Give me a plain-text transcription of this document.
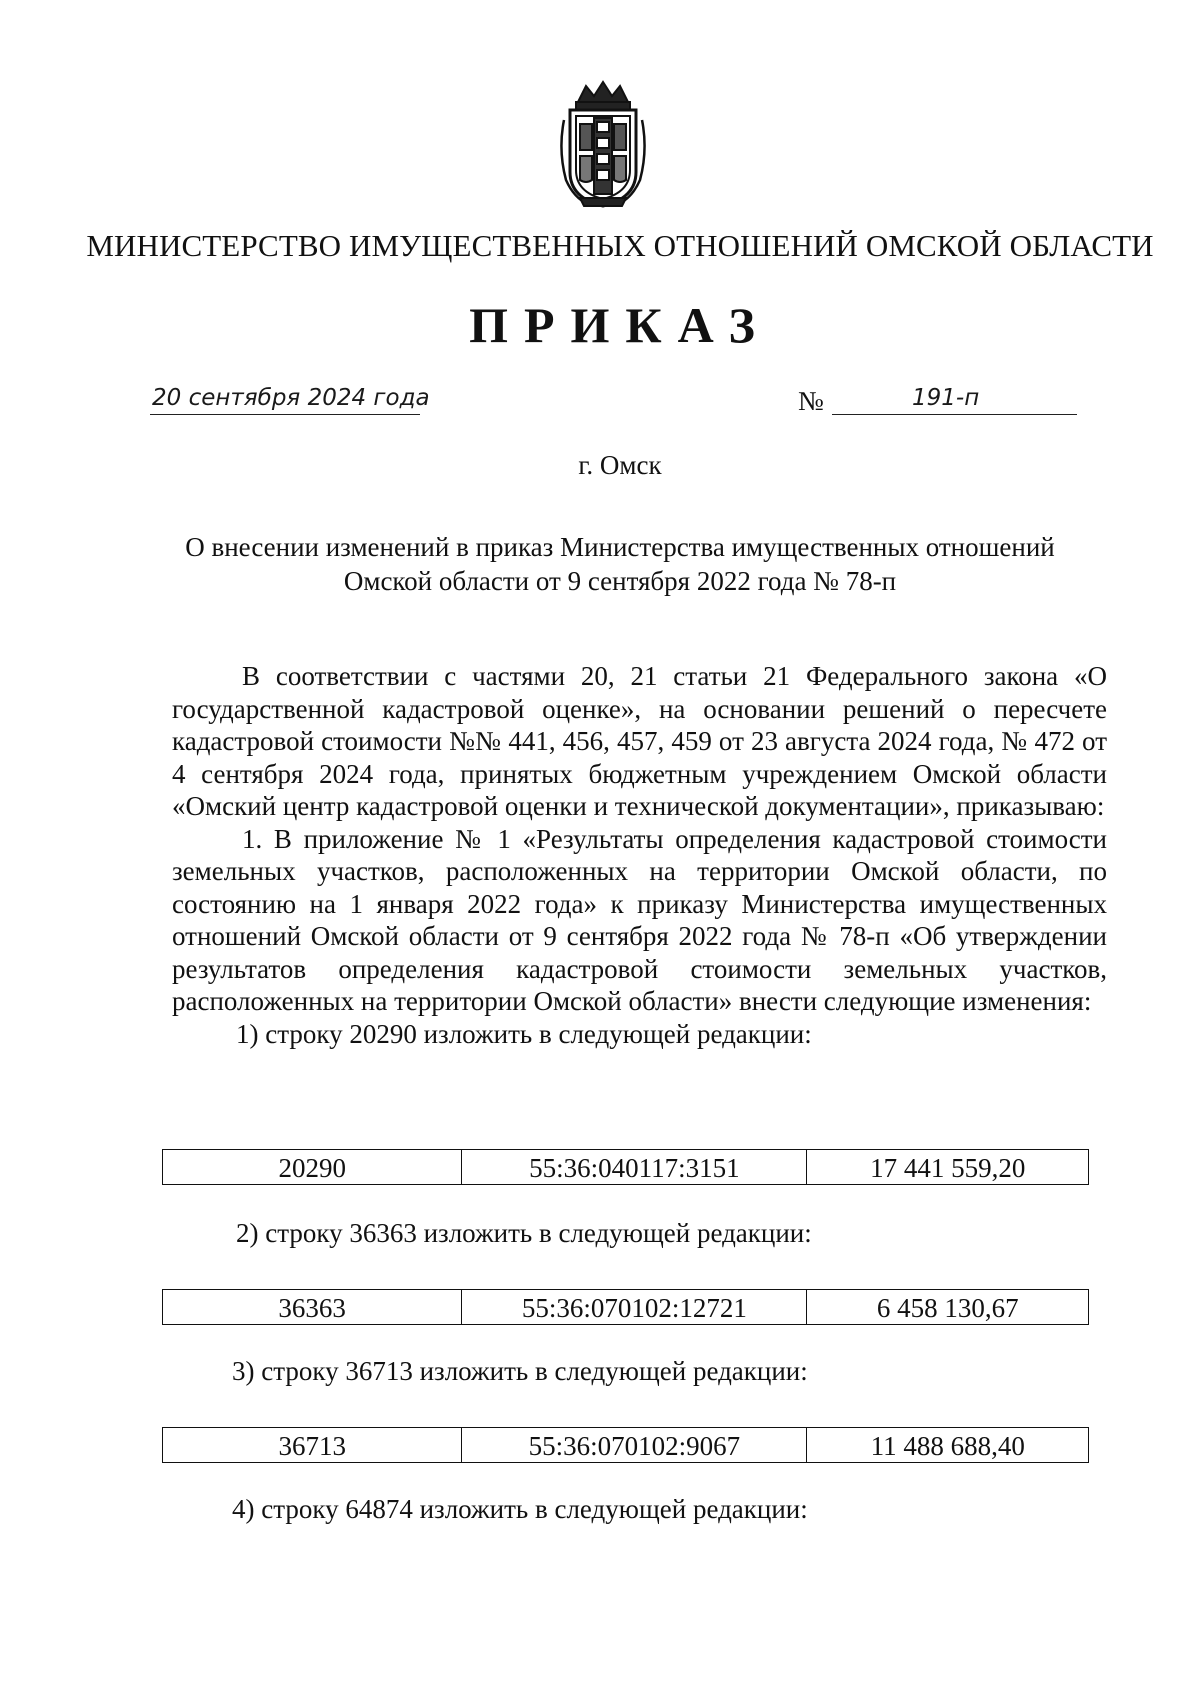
МИНИСТЕРСТВО ИМУЩЕСТВЕННЫХ ОТНОШЕНИЙ ОМСКОЙ ОБЛАСТИ
ПРИКАЗ
20 сентября 2024 года	№	191-п
г. Омск
О внесении изменений в приказ Министерства имущественных отношений
Омской области от 9 сентября 2022 года № 78-п

В соответствии с частями 20, 21 статьи 21 Федерального закона «О государственной кадастровой оценке», на основании решений о пересчете кадастровой стоимости №№ 441, 456, 457, 459 от 23 августа 2024 года, № 472 от 4 сентября 2024 года, принятых бюджетным учреждением Омской области «Омский центр кадастровой оценки и технической документации», приказываю:

1. В приложение № 1 «Результаты определения кадастровой стоимости земельных участков, расположенных на территории Омской области, по состоянию на 1 января 2022 года» к приказу Министерства имущественных отношений Омской области от 9 сентября 2022 года № 78-п «Об утверждении результатов определения кадастровой стоимости земельных участков, расположенных на территории Омской области» внести следующие изменения:

1) строку 20290 изложить в следующей редакции:

20290	55:36:040117:3151	17 441 559,20
2) строку 36363 изложить в следующей редакции:
36363	55:36:070102:12721	6 458 130,67
3) строку 36713 изложить в следующей редакции:
36713	55:36:070102:9067	11 488 688,40
4) строку 64874 изложить в следующей редакции:
